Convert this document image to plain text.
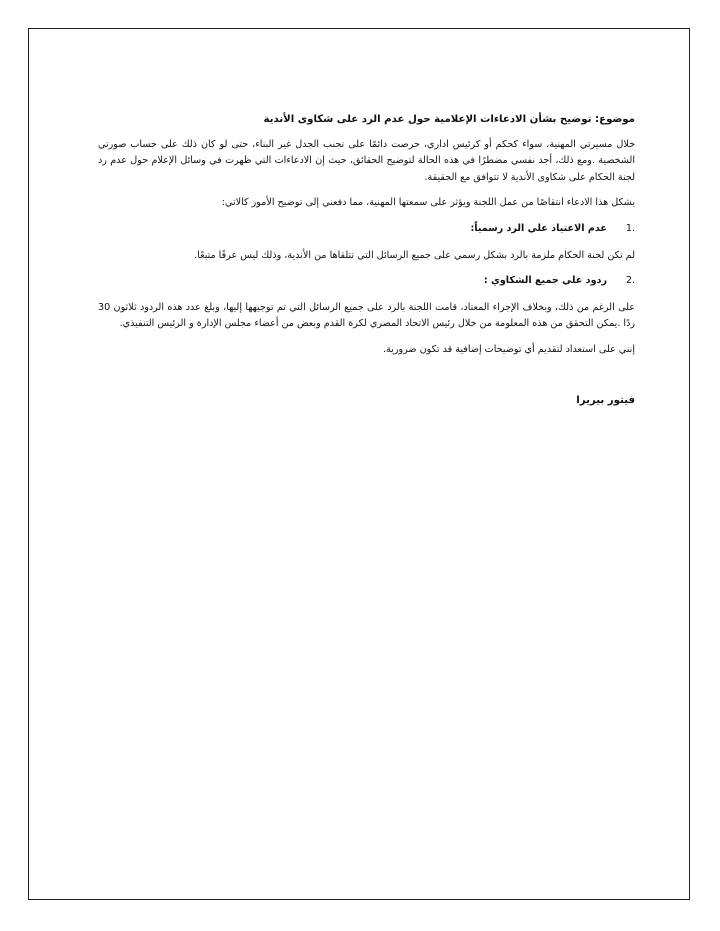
موضوع: توضيح بشأن الادعاءات الإعلامية حول عدم الرد على شكاوى الأندية

خلال مسيرتي المهنية، سواء كحكم أو كرئيس اداري، حرصت دائمًا على تجنب الجدل غير البناء، حتى لو كان ذلك على حساب صورتي الشخصية .ومع ذلك، أجد نفسي مضطرًا في هذه الحالة لتوضيح الحقائق، حيث إن الادعاءات التي ظهرت في وسائل الإعلام حول عدم رد لجنة الحكام على شكاوى الأندية لا تتوافق مع الحقيقة.

يشكل هذا الادعاء انتقاصًا من عمل اللجنة ويؤثر على سمعتها المهنية، مما دفعني إلى توضيح الأمور كالاتي:

.1
عدم الاعتياد علي الرد رسمياً:

لم تكن لجنة الحكام ملزمة بالرد بشكل رسمي على جميع الرسائل التي تتلقاها من الأندية، وذلك ليس عرفًا متبعًا.

.2
ردود علي جميع الشكاوي :

على الرغم من ذلك، وبخلاف الإجراء المعتاد، قامت اللجنة بالرد على جميع الرسائل التي تم توجيهها إليها، وبلغ عدد هذه الردود ثلاثون 30 ردًا .يمكن التحقق من هذه المعلومة من خلال رئيس الاتحاد المصري لكرة القدم وبعض من أعضاء مجلس الإدارة و الرئيس التنفيذي.

إنني على استعداد لتقديم أي توضيحات إضافية قد تكون ضرورية.

فيتور بيريرا
